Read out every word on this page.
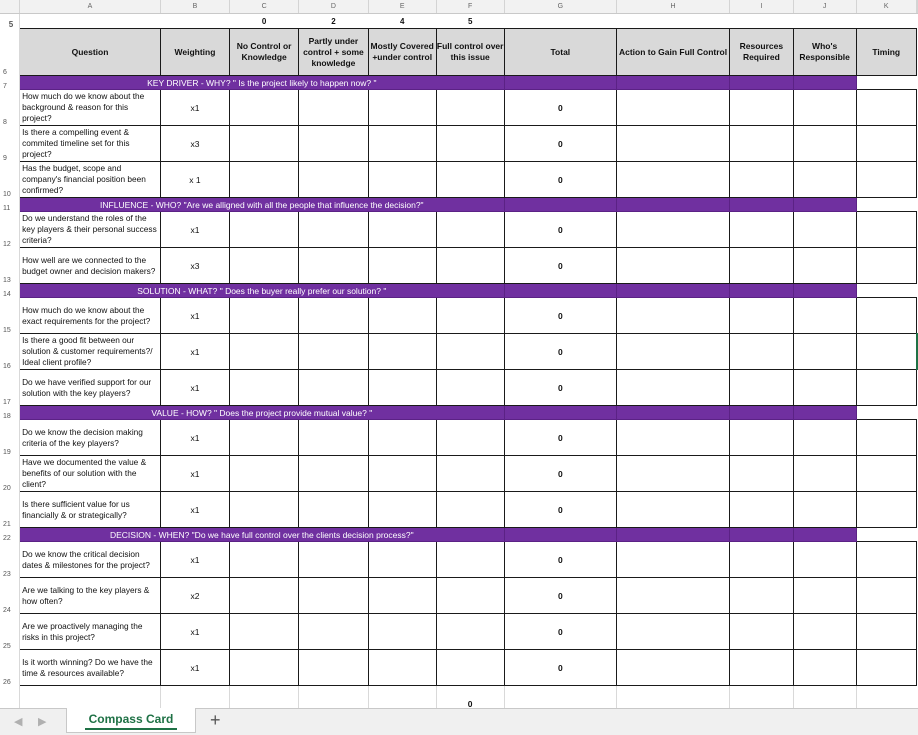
	A	B	C	D	E	F	G	H	I	J	K	
5			0	2	4	5						
6	Question	Weighting	No Control or Knowledge	Partly under control + some knowledge	Mostly Covered +under control	Full control over this issue	Total	Action to Gain Full Control	Resources Required	Who's Responsible	Timing	
7	KEY DRIVER - WHY? " Is the project likely to happen now? "											
8	How much do we know about the background & reason for this project?	x1					0					
9	Is there a compelling event & commited timeline set for this project?	x3					0					
10	Has the budget, scope and company's financial position been confirmed?	x 1					0					
11	INFLUENCE - WHO? "Are we alligned with all the people that influence the decision?"											
12	Do we understand the roles of the key players & their personal success criteria?	x1					0					
13	How well are we connected to the budget owner and decision makers?	x3					0					
14	SOLUTION - WHAT? " Does the buyer really prefer our solution? "											
15	How much do we know about the exact requirements for the project?	x1					0					
16	Is there a good fit between our solution & customer requirements?/ Ideal client profile?	x1					0					
17	Do we have verified support for our solution with the key players?	x1					0					
18	VALUE - HOW? " Does the project provide mutual value? "											
19	Do we know the decision making criteria of the key players?	x1					0					
20	Have we documented the value & benefits of our solution with the client?	x1					0					
21	Is there sufficient value for us financially & or strategically?	x1					0					
22	DECISION - WHEN? "Do we have full control over the clients decision process?"											
23	Do we know the critical decision dates & milestones for the project?	x1					0					
24	Are we talking to the key players & how often?	x2					0					
25	Are we proactively managing the risks in this project?	x1					0					
26	Is it worth winning? Do we have the time & resources available?	x1					0					
						0						
◀ ▶	Compass Card	+
